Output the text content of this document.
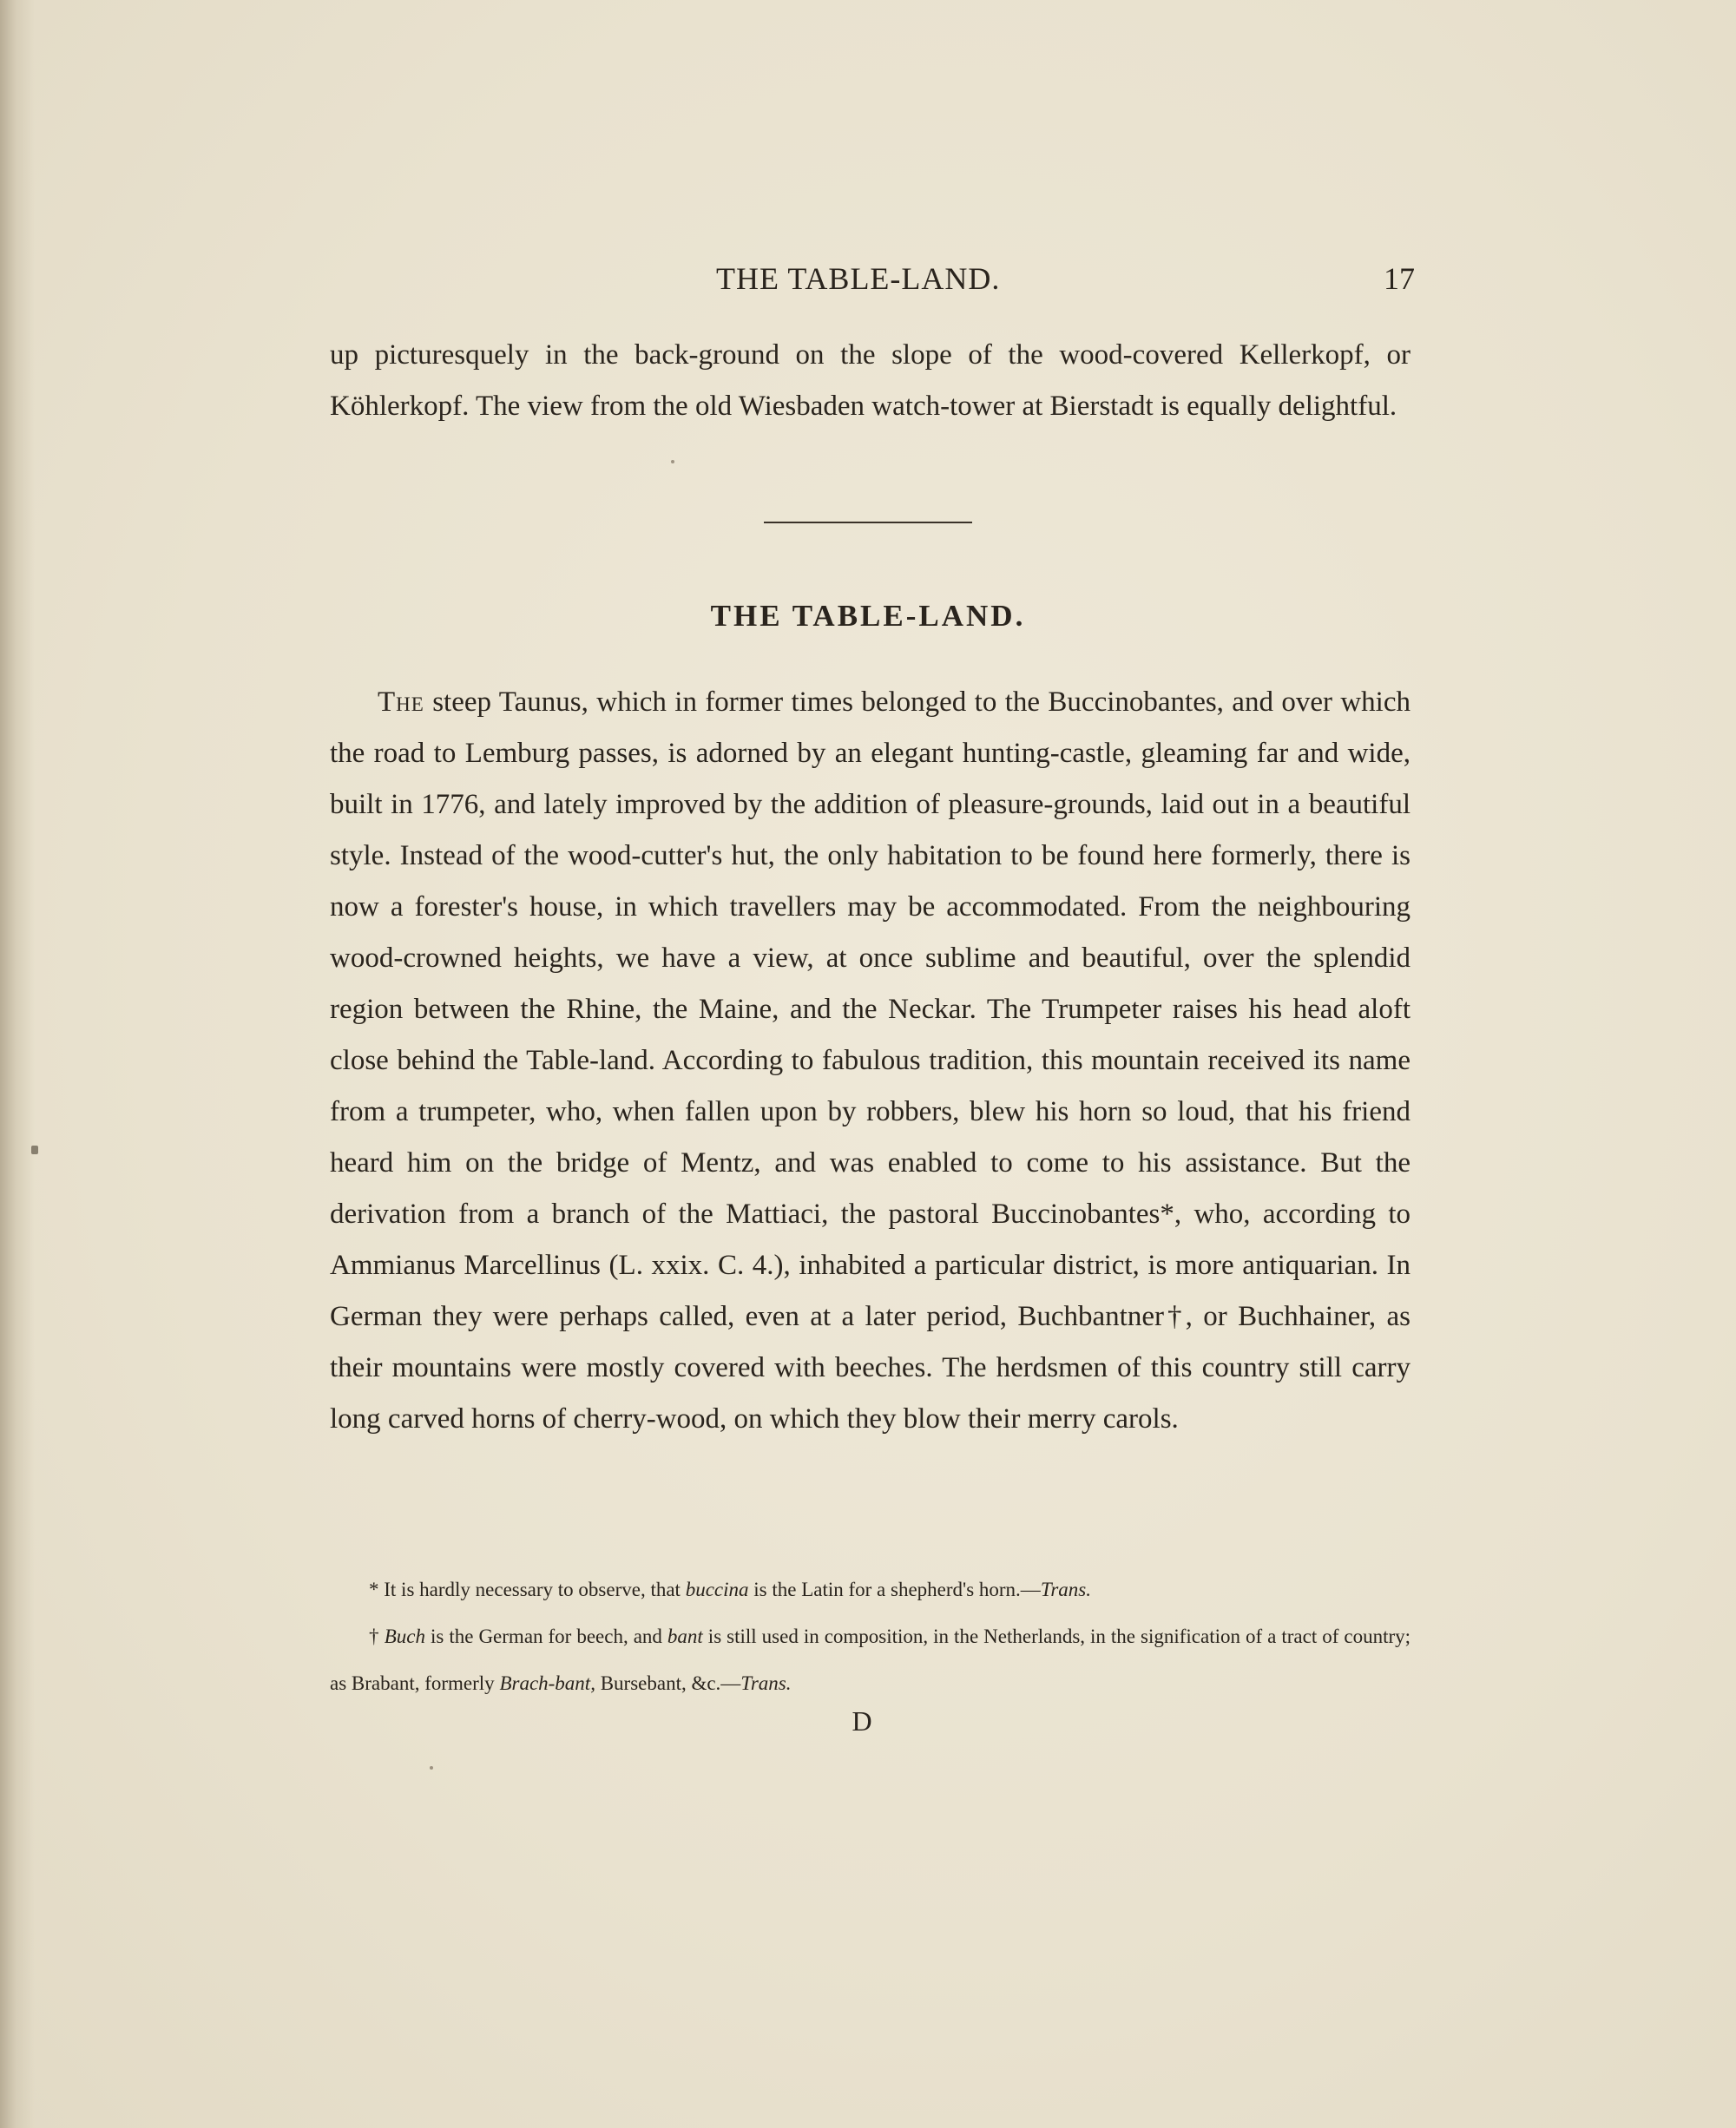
THE TABLE-LAND.	17

up picturesquely in the back-ground on the slope of the wood-covered Kellerkopf, or Köhlerkopf. The view from the old Wiesbaden watch-tower at Bierstadt is equally delightful.

THE TABLE-LAND.

The steep Taunus, which in former times belonged to the Buccinobantes, and over which the road to Lemburg passes, is adorned by an elegant hunting-castle, gleaming far and wide, built in 1776, and lately improved by the addition of pleasure-grounds, laid out in a beautiful style. Instead of the wood-cutter's hut, the only habitation to be found here formerly, there is now a forester's house, in which travellers may be accommodated. From the neighbouring wood-crowned heights, we have a view, at once sublime and beautiful, over the splendid region between the Rhine, the Maine, and the Neckar. The Trumpeter raises his head aloft close behind the Table-land. According to fabulous tradition, this mountain received its name from a trumpeter, who, when fallen upon by robbers, blew his horn so loud, that his friend heard him on the bridge of Mentz, and was enabled to come to his assistance. But the derivation from a branch of the Mattiaci, the pastoral Buccinobantes*, who, according to Ammianus Marcellinus (L. xxix. C. 4.), inhabited a particular district, is more antiquarian. In German they were perhaps called, even at a later period, Buchbantner†, or Buchhainer, as their mountains were mostly covered with beeches. The herdsmen of this country still carry long carved horns of cherry-wood, on which they blow their merry carols.

* It is hardly necessary to observe, that buccina is the Latin for a shepherd's horn.—Trans.

† Buch is the German for beech, and bant is still used in composition, in the Netherlands, in the signification of a tract of country; as Brabant, formerly Brach-bant, Bursebant, &c.—Trans.

D
